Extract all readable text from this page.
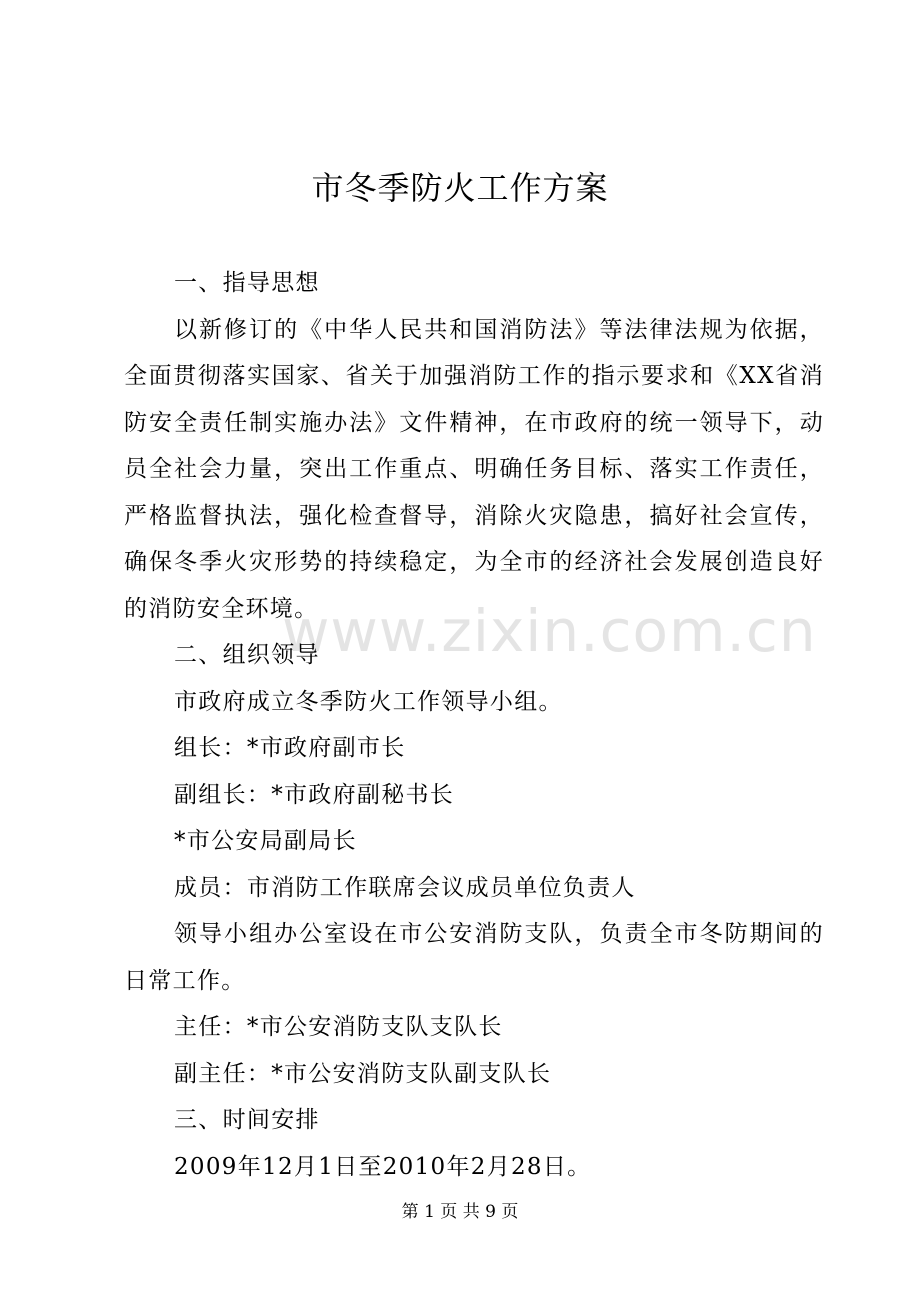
www.zixin.com.cn
市冬季防火工作方案

一、指导思想

以新修订的《中华人民共和国消防法》等法律法规为依据，全面贯彻落实国家、省关于加强消防工作的指示要求和《XX省消防安全责任制实施办法》文件精神，在市政府的统一领导下，动员全社会力量，突出工作重点、明确任务目标、落实工作责任，严格监督执法，强化检查督导，消除火灾隐患，搞好社会宣传，确保冬季火灾形势的持续稳定，为全市的经济社会发展创造良好的消防安全环境。

二、组织领导

市政府成立冬季防火工作领导小组。

组长：*市政府副市长

副组长：*市政府副秘书长

*市公安局副局长

成员：市消防工作联席会议成员单位负责人

领导小组办公室设在市公安消防支队，负责全市冬防期间的日常工作。

主任：*市公安消防支队支队长

副主任：*市公安消防支队副支队长

三、时间安排

2009年12月1日至2010年2月28日。

第 1 页 共 9 页
